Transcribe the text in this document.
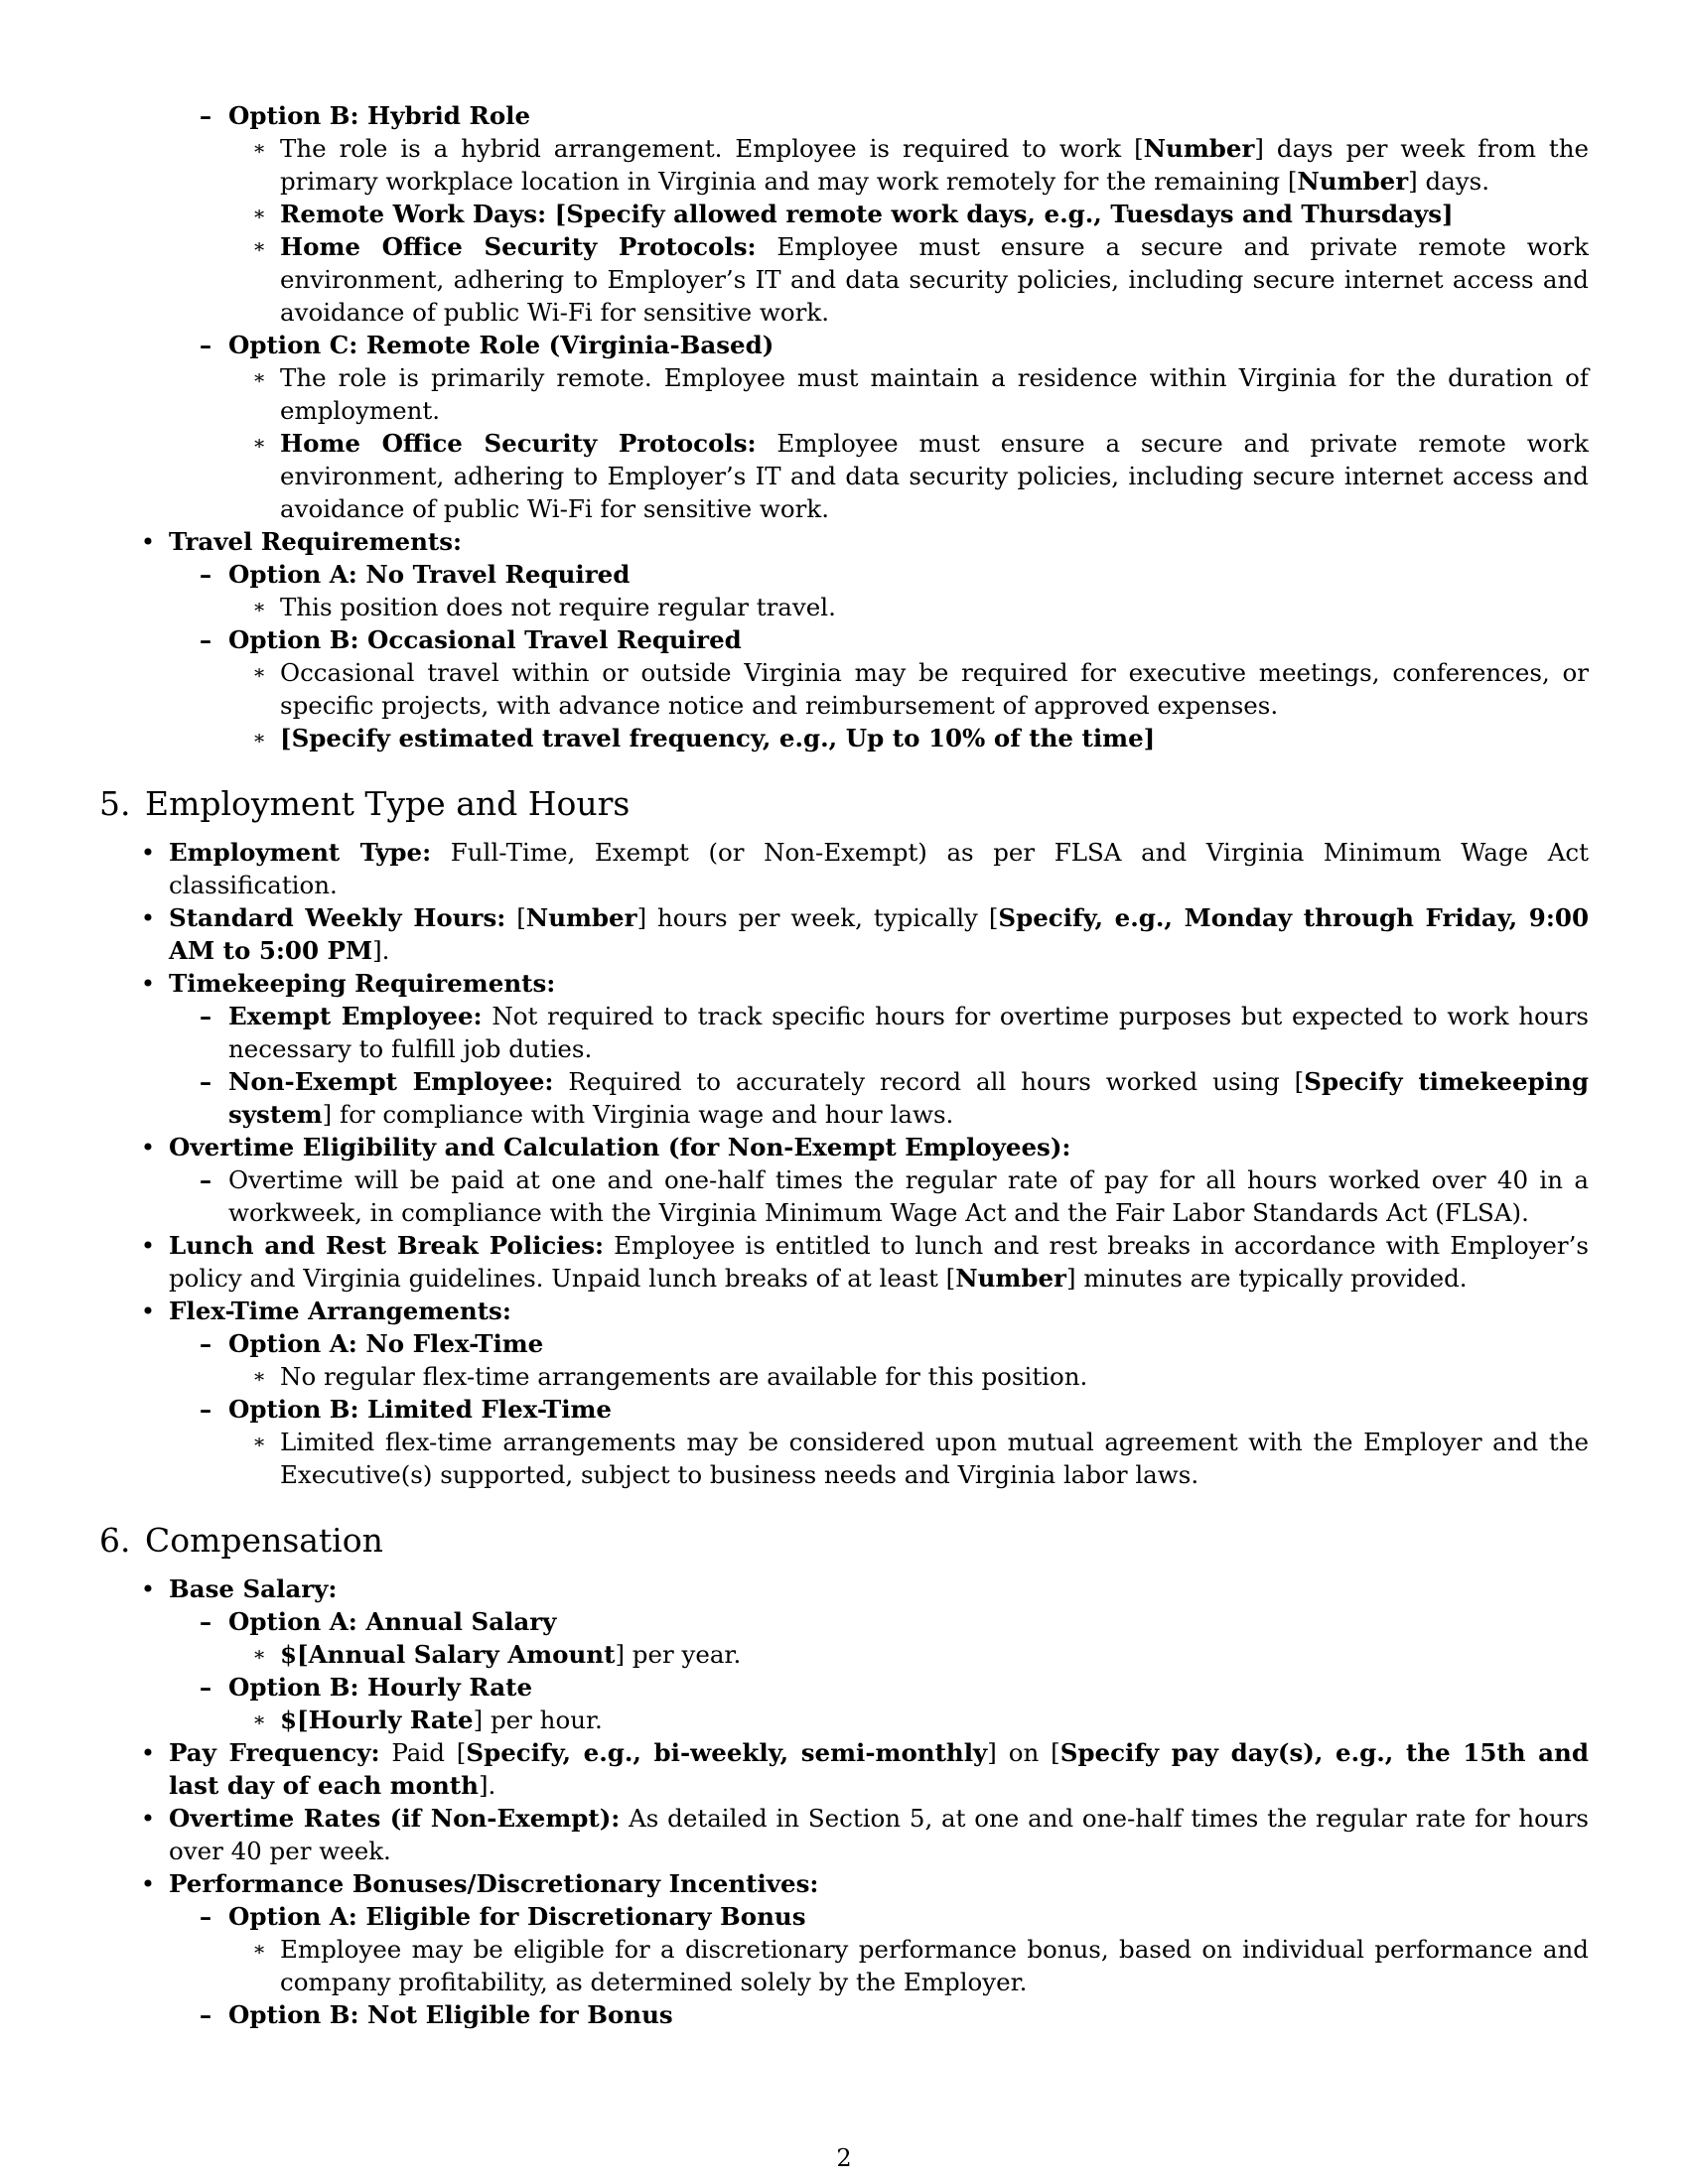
– Option B: Hybrid Role

∗ The role is a hybrid arrangement. Employee is required to work [Number] days per week from the primary workplace location in Virginia and may work remotely for the remaining [Number] days.

∗ Remote Work Days: [Specify allowed remote work days, e.g., Tuesdays and Thursdays]

∗ Home Office Security Protocols: Employee must ensure a secure and private remote work environment, adhering to Employer’s IT and data security policies, including secure internet access and avoidance of public Wi-Fi for sensitive work.

– Option C: Remote Role (Virginia-Based)

∗ The role is primarily remote. Employee must maintain a residence within Virginia for the duration of employment.

∗ Home Office Security Protocols: Employee must ensure a secure and private remote work environment, adhering to Employer’s IT and data security policies, including secure internet access and avoidance of public Wi-Fi for sensitive work.

• Travel Requirements:

– Option A: No Travel Required

∗ This position does not require regular travel.

– Option B: Occasional Travel Required

∗ Occasional travel within or outside Virginia may be required for executive meetings, conferences, or specific projects, with advance notice and reimbursement of approved expenses.

∗ [Specify estimated travel frequency, e.g., Up to 10% of the time]

5. Employment Type and Hours
• Employment Type: Full-Time, Exempt (or Non-Exempt) as per FLSA and Virginia Minimum Wage Act classification.

• Standard Weekly Hours: [Number] hours per week, typically [Specify, e.g., Monday through Friday, 9:00 AM to 5:00 PM].

• Timekeeping Requirements:

– Exempt Employee: Not required to track specific hours for overtime purposes but expected to work hours necessary to fulfill job duties.

– Non-Exempt Employee: Required to accurately record all hours worked using [Specify timekeeping system] for compliance with Virginia wage and hour laws.

• Overtime Eligibility and Calculation (for Non-Exempt Employees):

– Overtime will be paid at one and one-half times the regular rate of pay for all hours worked over 40 in a workweek, in compliance with the Virginia Minimum Wage Act and the Fair Labor Standards Act (FLSA).

• Lunch and Rest Break Policies: Employee is entitled to lunch and rest breaks in accordance with Employer’s policy and Virginia guidelines. Unpaid lunch breaks of at least [Number] minutes are typically provided.

• Flex-Time Arrangements:

– Option A: No Flex-Time

∗ No regular flex-time arrangements are available for this position.

– Option B: Limited Flex-Time

∗ Limited flex-time arrangements may be considered upon mutual agreement with the Employer and the Executive(s) supported, subject to business needs and Virginia labor laws.

6. Compensation
• Base Salary:

– Option A: Annual Salary

∗ $[Annual Salary Amount] per year.

– Option B: Hourly Rate

∗ $[Hourly Rate] per hour.

• Pay Frequency: Paid [Specify, e.g., bi-weekly, semi-monthly] on [Specify pay day(s), e.g., the 15th and last day of each month].

• Overtime Rates (if Non-Exempt): As detailed in Section 5, at one and one-half times the regular rate for hours over 40 per week.

• Performance Bonuses/Discretionary Incentives:

– Option A: Eligible for Discretionary Bonus

∗ Employee may be eligible for a discretionary performance bonus, based on individual performance and company profitability, as determined solely by the Employer.

– Option B: Not Eligible for Bonus

2
